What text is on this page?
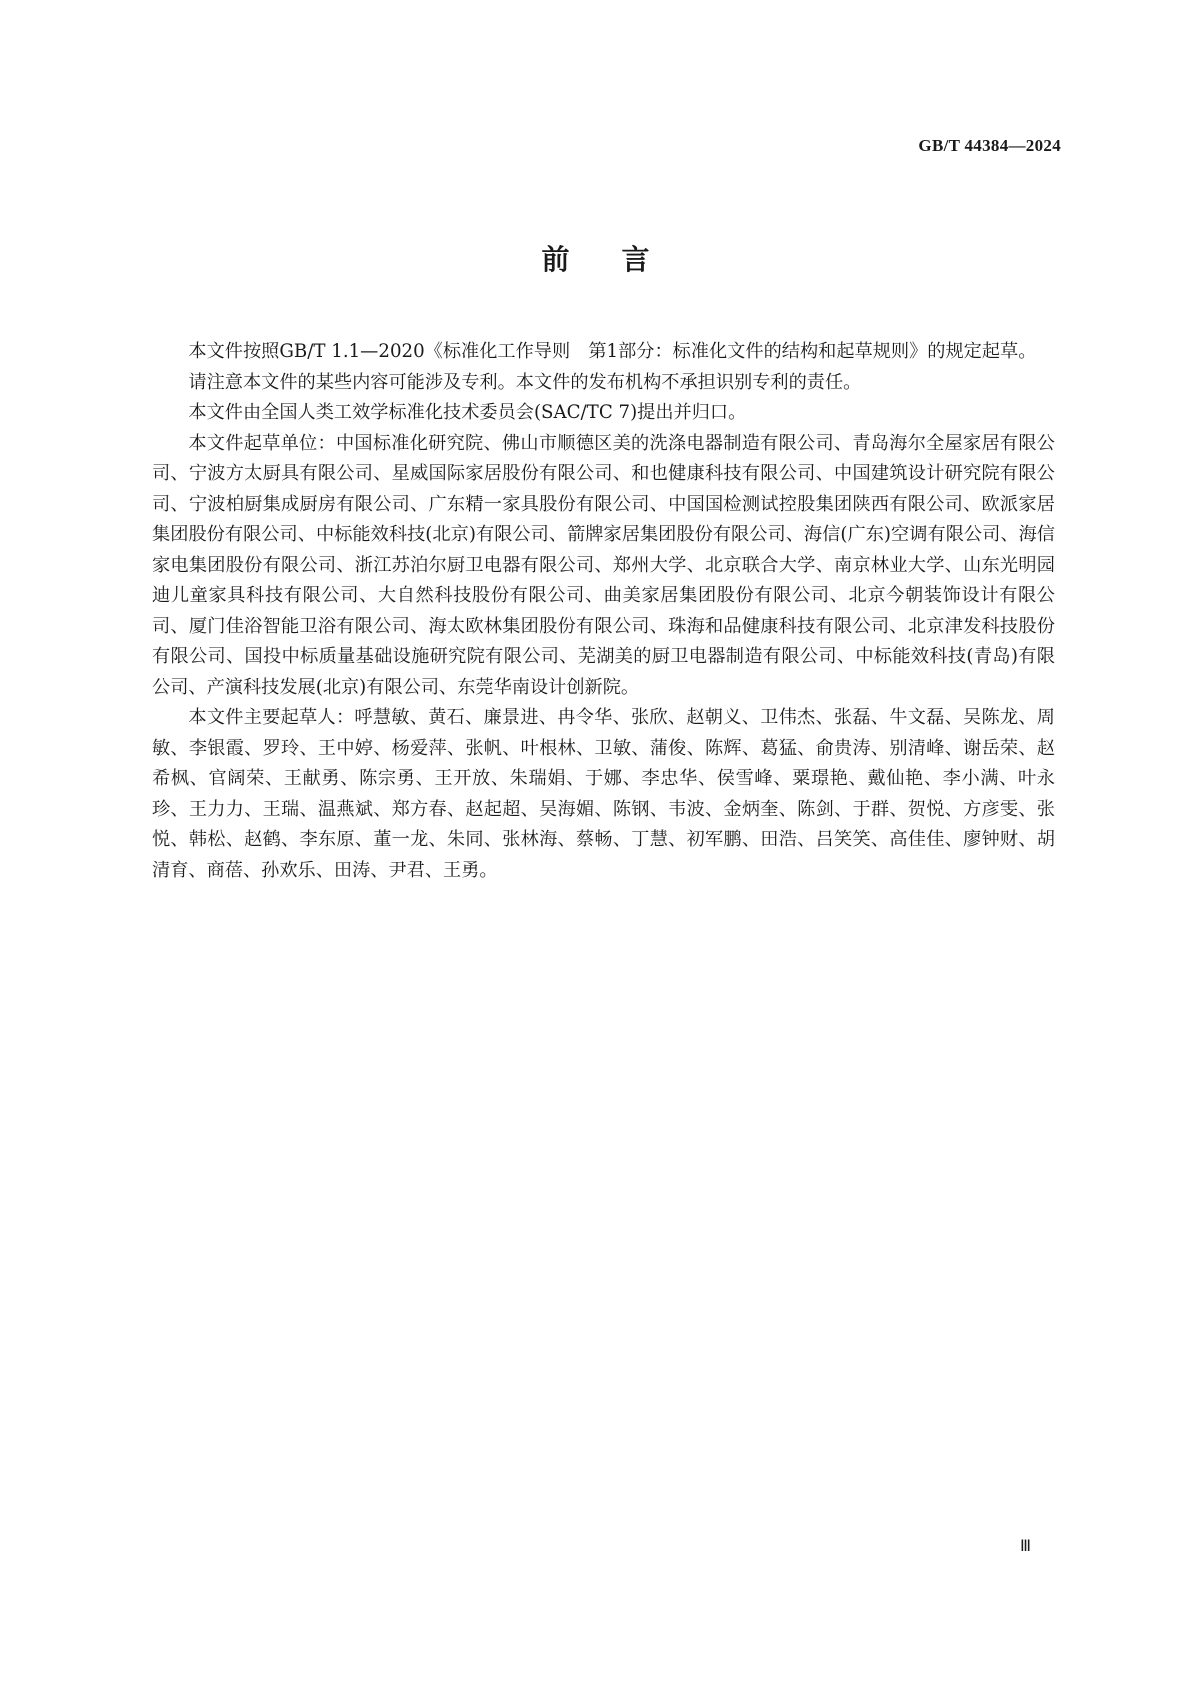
GB/T 44384—2024
前言

本文件按照GB/T 1.1—2020《标准化工作导则　第1部分：标准化文件的结构和起草规则》的规定起草。

请注意本文件的某些内容可能涉及专利。本文件的发布机构不承担识别专利的责任。

本文件由全国人类工效学标准化技术委员会(SAC/TC 7)提出并归口。

本文件起草单位：中国标准化研究院、佛山市顺德区美的洗涤电器制造有限公司、青岛海尔全屋家居有限公司、宁波方太厨具有限公司、星威国际家居股份有限公司、和也健康科技有限公司、中国建筑设计研究院有限公司、宁波柏厨集成厨房有限公司、广东精一家具股份有限公司、中国国检测试控股集团陕西有限公司、欧派家居集团股份有限公司、中标能效科技(北京)有限公司、箭牌家居集团股份有限公司、海信(广东)空调有限公司、海信家电集团股份有限公司、浙江苏泊尔厨卫电器有限公司、郑州大学、北京联合大学、南京林业大学、山东光明园迪儿童家具科技有限公司、大自然科技股份有限公司、曲美家居集团股份有限公司、北京今朝装饰设计有限公司、厦门佳浴智能卫浴有限公司、海太欧林集团股份有限公司、珠海和品健康科技有限公司、北京津发科技股份有限公司、国投中标质量基础设施研究院有限公司、芜湖美的厨卫电器制造有限公司、中标能效科技(青岛)有限公司、产演科技发展(北京)有限公司、东莞华南设计创新院。

本文件主要起草人：呼慧敏、黄石、廉景进、冉令华、张欣、赵朝义、卫伟杰、张磊、牛文磊、吴陈龙、周敏、李银霞、罗玲、王中婷、杨爱萍、张帆、叶根林、卫敏、蒲俊、陈辉、葛猛、俞贵涛、别清峰、谢岳荣、赵希枫、官阔荣、王献勇、陈宗勇、王开放、朱瑞娟、于娜、李忠华、侯雪峰、粟璟艳、戴仙艳、李小满、叶永珍、王力力、王瑞、温燕斌、郑方春、赵起超、吴海媚、陈钢、韦波、金炳奎、陈剑、于群、贺悦、方彦雯、张悦、韩松、赵鹤、李东原、董一龙、朱同、张林海、蔡畅、丁慧、初军鹏、田浩、吕笑笑、高佳佳、廖钟财、胡清育、商蓓、孙欢乐、田涛、尹君、王勇。

Ⅲ
